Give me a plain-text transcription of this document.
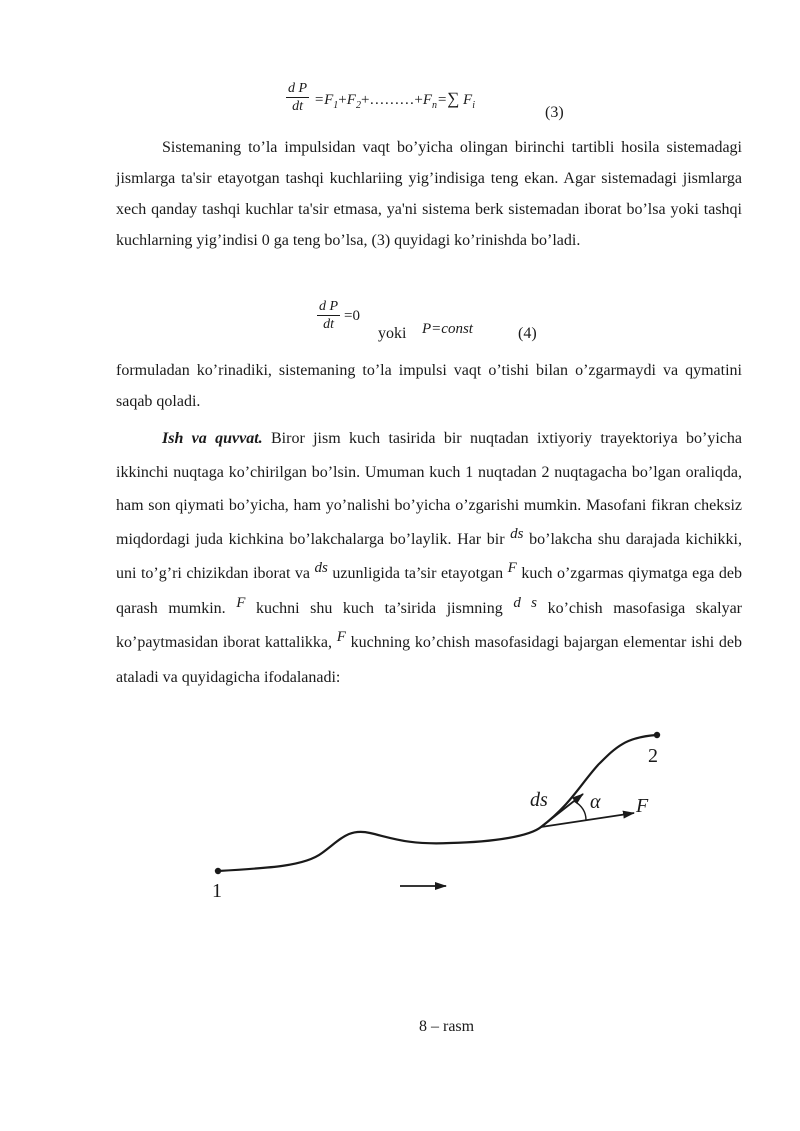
$\frac{\text{d P}}{dt}$ $=F_1+F_2+\dots\dots\dots+F_n=\sum$ $F_i$	(3)
Sistemaning to’la impulsidan vaqt bo’yicha olingan birinchi tartibli hosila sistemadagi jismlarga ta'sir etayotgan tashqi kuchlariing yig’indisiga teng ekan. Agar sistemadagi jismlarga xech qanday tashqi kuchlar ta'sir etmasa, ya'ni sistema berk sistemadan iborat bo’lsa yoki tashqi kuchlarning yig’indisi 0 ga teng bo’lsa, (3) quyidagi ko’rinishda bo’ladi.
$\frac{\text{d P}}{dt} =0$
yoki P=const	(4)
formuladan ko’rinadiki, sistemaning to’la impulsi vaqt o’tishi bilan o’zgarmaydi va qymatini saqab qoladi.
Ish va quvvat. Biror jism kuch tasirida bir nuqtadan ixtiyoriy trayektoriya bo’yicha ikkinchi nuqtaga ko’chirilgan bo’lsin. Umuman kuch 1 nuqtadan 2 nuqtagacha bo’lgan oraliqda, ham son qiymati bo’yicha, ham yo’nalishi bo’yicha o’zgarishi mumkin. Masofani fikran cheksiz miqdordagi juda kichkina bo’lakchalarga bo’laylik. Har bir ds bo’lakcha shu darajada kichikki, uni to’g’ri chizikdan iborat va ds uzunligida ta’sir etayotgan F kuch o’zgarmas qiymatga ega deb qarash mumkin. F kuchni shu kuch ta’sirida jismning d s ko’chish masofasiga skalyar ko’paytmasidan iborat kattalikka, F kuchning ko’chish masofasidagi bajargan elementar ishi deb ataladi va quyidagicha ifodalanadi:
1
2
ds α F
8 – rasm
